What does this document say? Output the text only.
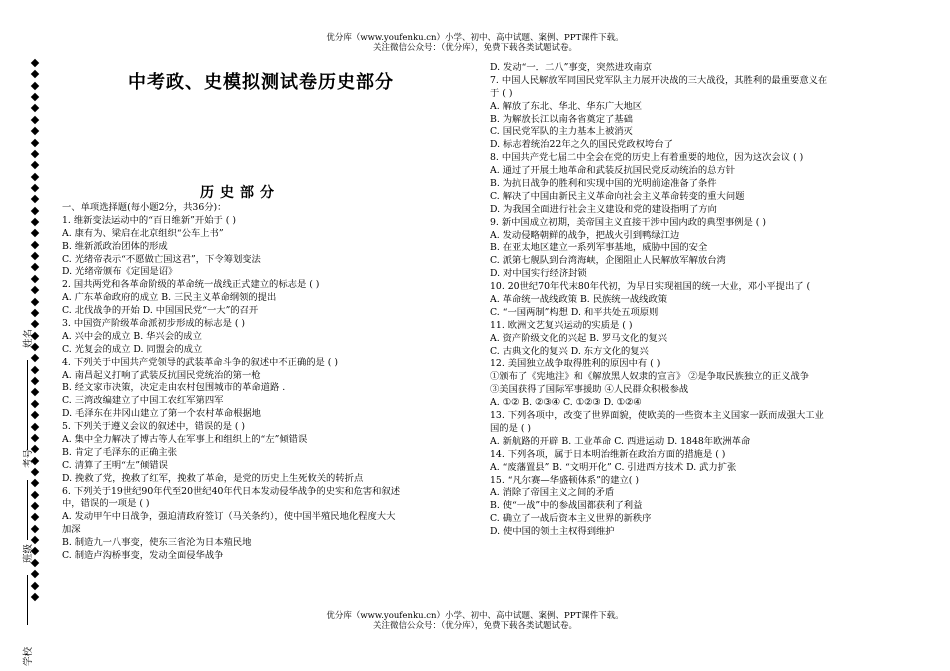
优分库（www.youfenku.cn）小学、初中、高中试题、案例、PPT课件下载。
关注微信公众号：（优分库），免费下载各类试题试卷。
姓名
考号
班级
学校
中考政、史模拟测试卷历史部分
历史部分
一、单项选择题(每小题2分，共36分)：
1. 维新变法运动中的“百日维新”开始于 ( )
A. 康有为、梁启在北京组织“公车上书”
B. 维新派政治团体的形成
C. 光绪帝表示“不愿做亡国这君”，下令筹划变法
D. 光绪帝颁布《定国是诏》
2. 国共两党和各革命阶级的革命统一战线正式建立的标志是 ( )
A. 广东革命政府的成立 B. 三民主义革命纲领的提出
C. 北伐战争的开始 D. 中国国民党“一大”的召开
3. 中国资产阶级革命派初步形成的标志是 ( )
A. 兴中会的成立 B. 华兴会的成立
C. 光复会的成立 D. 同盟会的成立
4. 下列关于中国共产党领导的武装革命斗争的叙述中不正确的是 ( )
A. 南昌起义打响了武装反抗国民党统治的第一枪
B. 经文家市决策，决定走由农村包围城市的革命道路 .
C. 三湾改编建立了中国工农红军第四军
D. 毛泽东在井冈山建立了第一个农村革命根据地
5. 下列关于遵义会议的叙述中，错误的是 ( )
A. 集中全力解决了博古等人在军事上和组织上的“左”倾错误
B. 肯定了毛泽东的正确主张
C. 清算了王明“左”倾错误
D. 挽救了党，挽救了红军，挽救了革命，是党的历史上生死攸关的转折点
6. 下列关于19世纪90年代至20世纪40年代日本发动侵华战争的史实和危害和叙述
中，错误的一项是 ( )
A. 发动甲午中日战争，强迫清政府签订（马关条约），使中国半殖民地化程度大大
加深
B. 制造九一八事变，使东三省沦为日本殖民地
C. 制造卢沟桥事变，发动全面侵华战争
D. 发动“一．二八”事变，突然进攻南京
7. 中国人民解放军同国民党军队主力展开决战的三大战役，其胜利的最重要意义在
于 ( )
A. 解放了东北、华北、华东广大地区
B. 为解放长江以南各省奠定了基础
C. 国民党军队的主力基本上被消灭
D. 标志着统治22年之久的国民党政权垮台了
8. 中国共产党七届二中全会在党的历史上有着重要的地位，因为这次会议 ( )
A. 通过了开展土地革命和武装反抗国民党反动统治的总方针
B. 为抗日战争的胜利和实现中国的光明前途准备了条件
C. 解决了中国由新民主义革命向社会主义革命转变的重大问题
D. 为我国全面进行社会主义建设和党的建设指明了方向
9. 新中国成立初期，美帝国主义直接干涉中国内政的典型事例是 ( )
A. 发动侵略朝鲜的战争，把战火引到鸭绿江边
B. 在亚太地区建立一系列军事基地，威胁中国的安全
C. 派第七舰队到台湾海峡，企图阻止人民解放军解放台湾
D. 对中国实行经济封锁
10. 20世纪70年代末80年代初，为早日实现祖国的统一大业，邓小平提出了 (
A. 革命统一战线政策 B. 民族统一战线政策
C. “一国两制”构想 D. 和平共处五项原则
11. 欧洲文艺复兴运动的实质是 ( )
A. 资产阶级文化的兴起 B. 罗马文化的复兴
C. 古典文化的复兴 D. 东方文化的复兴
12. 美国独立战争取得胜利的原因中有 ( )
①颁布了《宪地注》和《解放黑人奴隶的宣言》 ②是争取民族独立的正义战争
③美国获得了国际军事援助 ④人民群众积极参战
A. ①② B. ②③④ C. ①②③ D. ①②④
13. 下列各项中，改变了世界面貌，使欧美的一些资本主义国家一跃而成强大工业
国的是 ( )
A. 新航路的开辟 B. 工业革命 C. 西进运动 D. 1848年欧洲革命
14. 下列各项，属于日本明治维新在政治方面的措施是 ( )
A. “废藩置县” B. “文明开化” C. 引进西方技术 D. 武力扩张
15. “凡尔赛—华盛顿体系”的建立( )
A. 消除了帝国主义之间的矛盾
B. 使“一战”中的参战国都获利了利益
C. 确立了一战后资本主义世界的新秩序
D. 使中国的领土主权得到维护
优分库（www.youfenku.cn）小学、初中、高中试题、案例、PPT课件下载。
关注微信公众号：（优分库），免费下载各类试题试卷。
